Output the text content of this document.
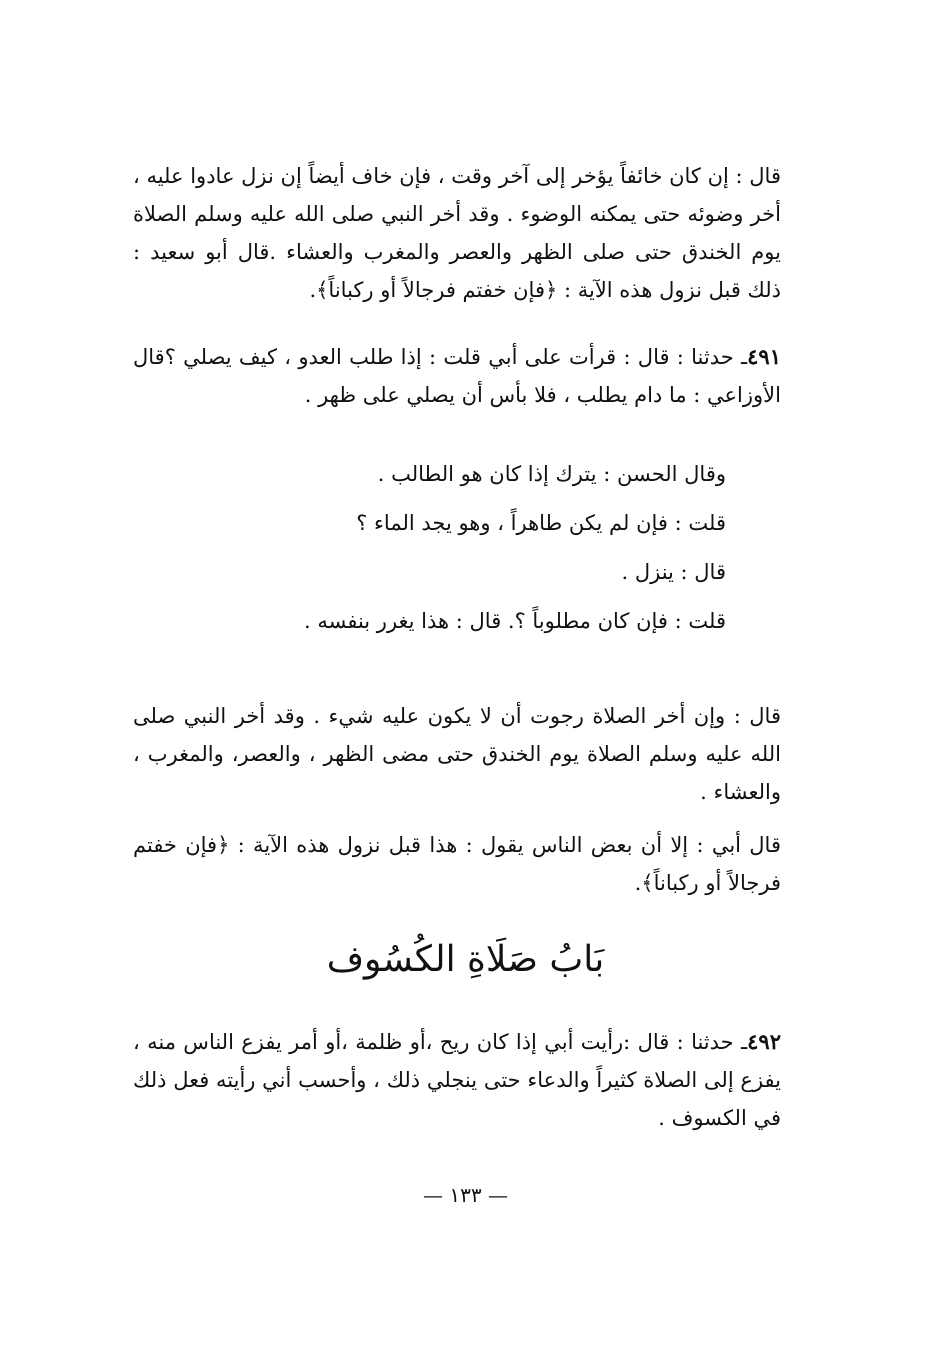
قال : إن كان خائفاً يؤخر إلى آخر وقت ، فإن خاف أيضاً إن نزل عادوا عليه ، أخر وضوئه حتى يمكنه الوضوء . وقد أخر النبي صلى الله عليه وسلم الصلاة يوم الخندق حتى صلى الظهر والعصر والمغرب والعشاء .قال أبو سعيد : ذلك قبل نزول هذه الآية : ﴿فإن خفتم فرجالاً أو ركباناً﴾.

٤٩١ـ حدثنا : قال : قرأت على أبي قلت : إذا طلب العدو ، كيف يصلي ؟قال الأوزاعي : ما دام يطلب ، فلا بأس أن يصلي على ظهر .

وقال الحسن : يترك إذا كان هو الطالب .

قلت : فإن لم يكن طاهراً ، وهو يجد الماء ؟

قال : ينزل .

قلت : فإن كان مطلوباً ؟. قال : هذا يغرر بنفسه .

قال : وإن أخر الصلاة رجوت أن لا يكون عليه شيء . وقد أخر النبي صلى الله عليه وسلم الصلاة يوم الخندق حتى مضى الظهر ، والعصر، والمغرب ، والعشاء .

قال أبي : إلا أن بعض الناس يقول : هذا قبل نزول هذه الآية : ﴿فإن خفتم فرجالاً أو ركباناً﴾.

بَابُ صَلَاةِ الكُسُوف

٤٩٢ـ حدثنا : قال :رأيت أبي إذا كان ريح ،أو ظلمة ،أو أمر يفزع الناس منه ، يفزع إلى الصلاة كثيراً والدعاء حتى ينجلي ذلك ، وأحسب أني رأيته فعل ذلك في الكسوف .

— ١٣٣ —
